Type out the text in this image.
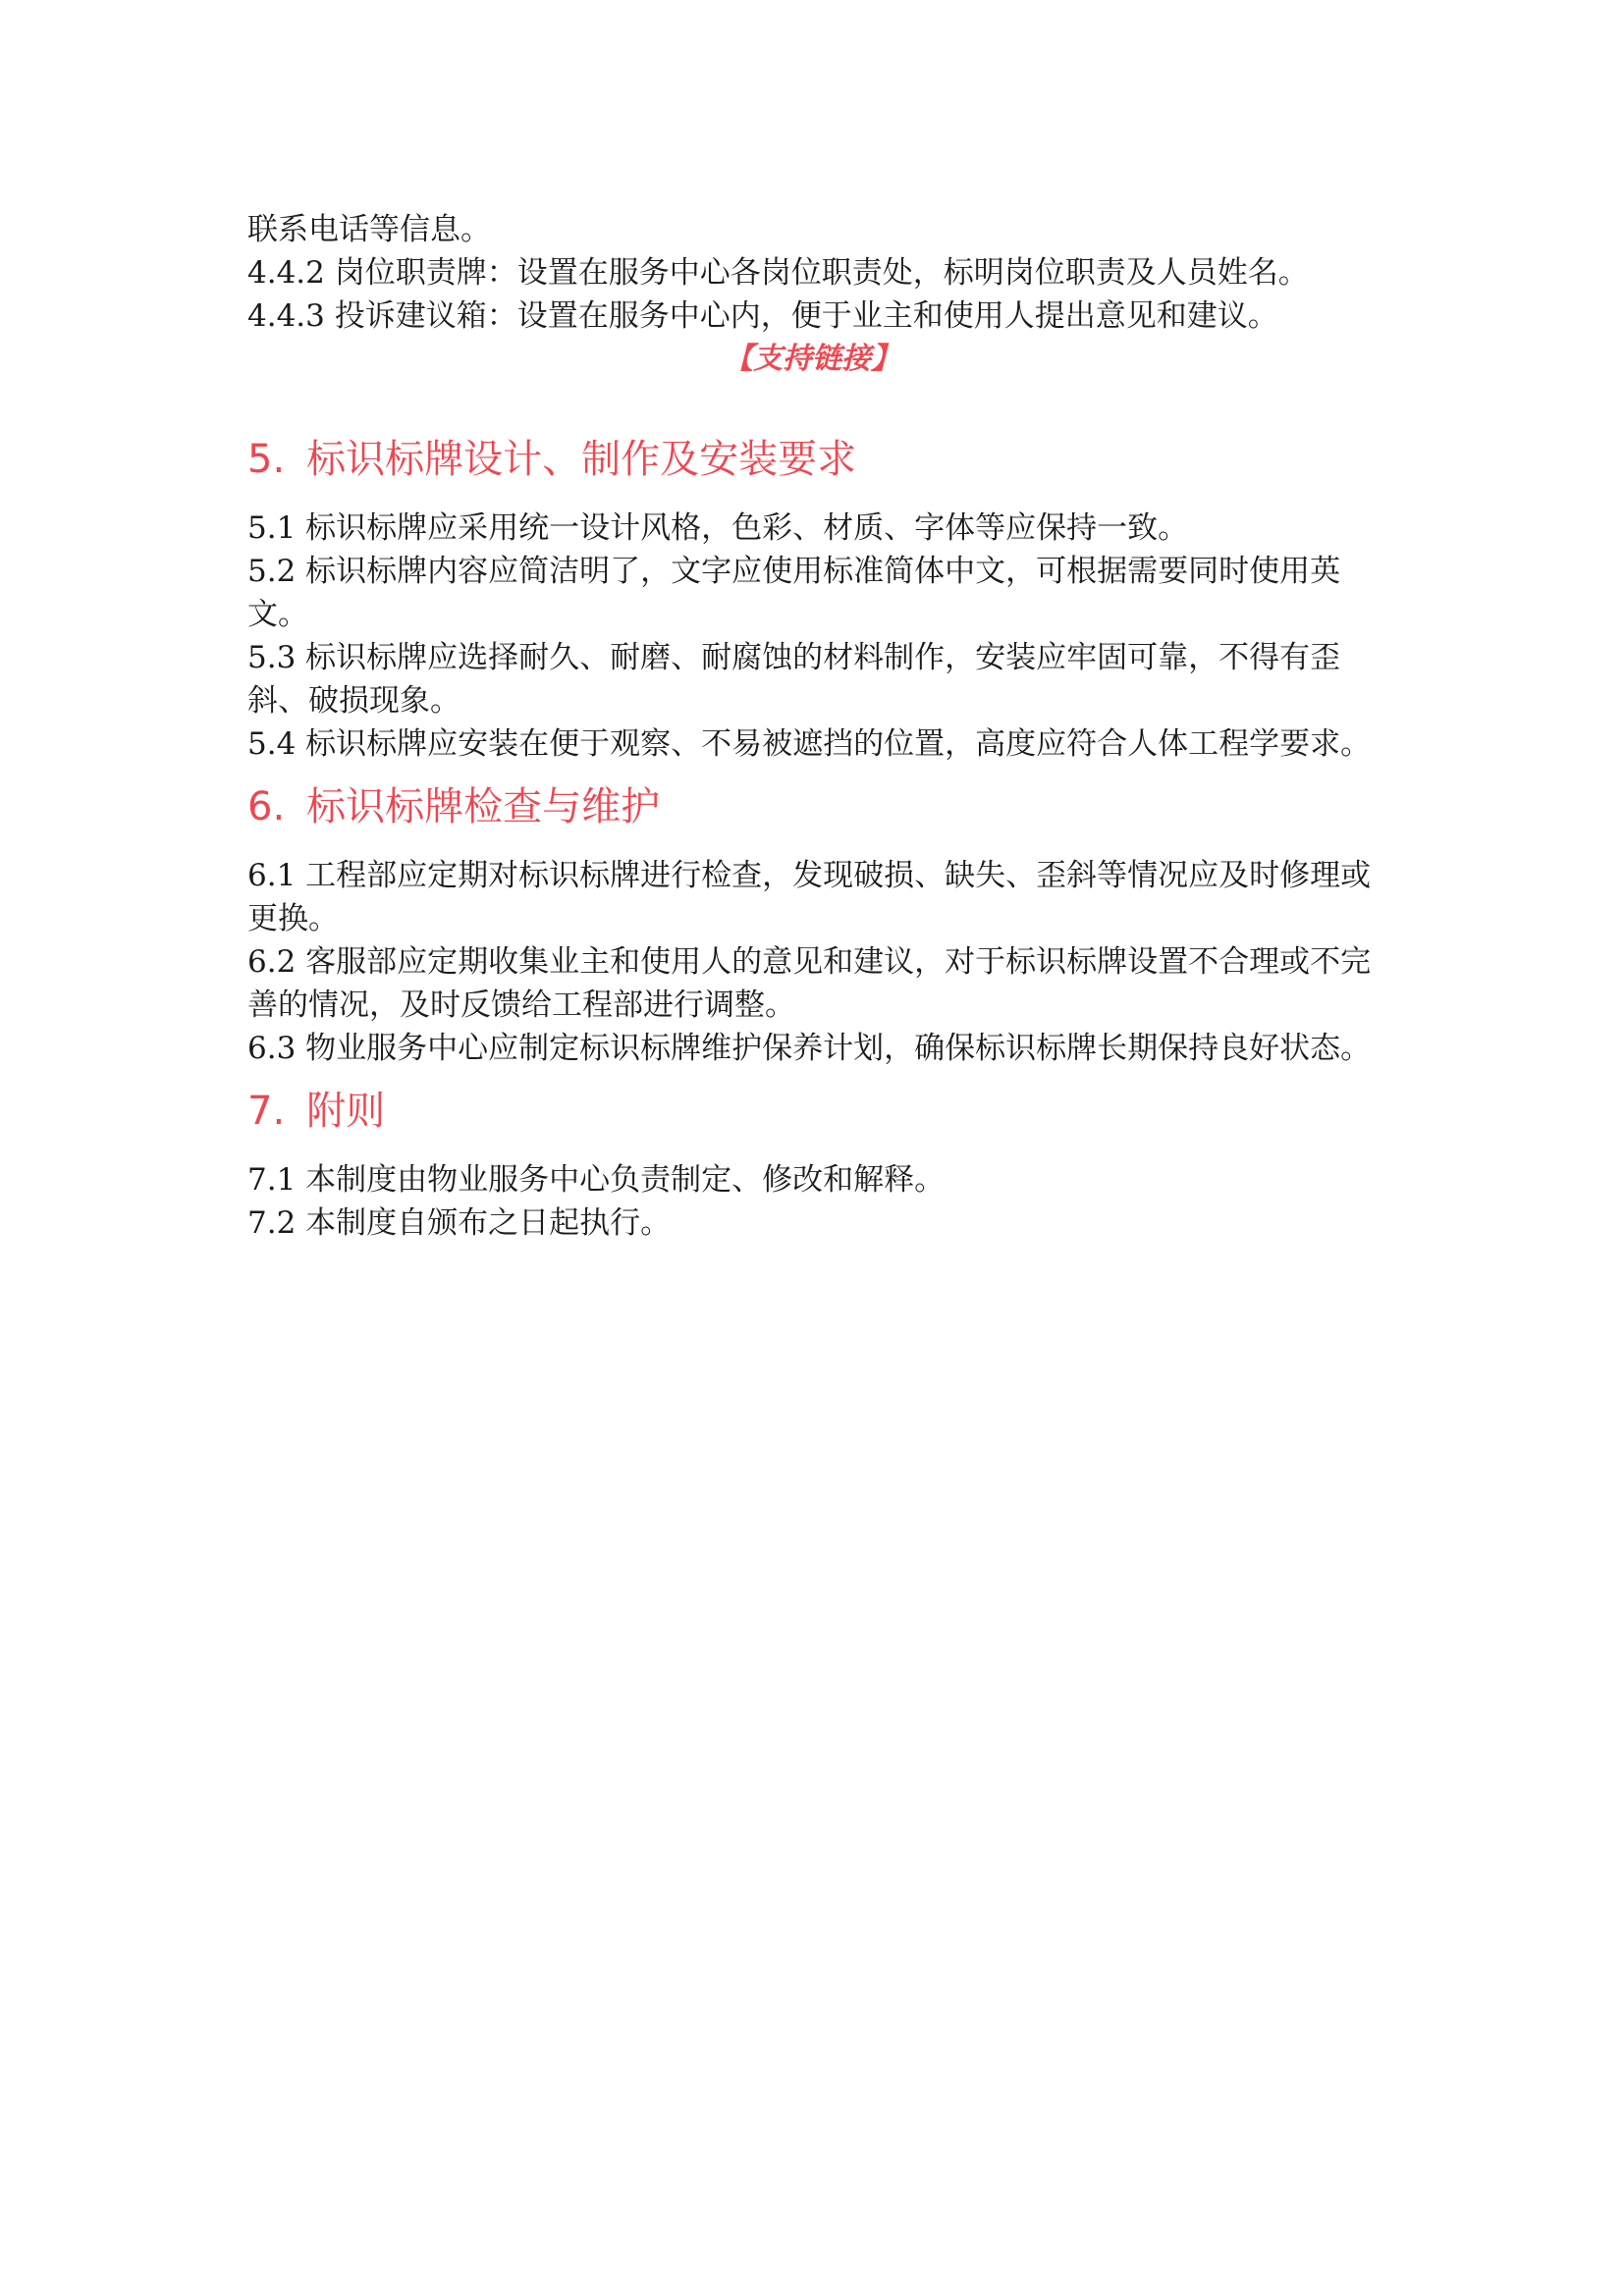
联系电话等信息。

4.4.2 岗位职责牌：设置在服务中心各岗位职责处，标明岗位职责及人员姓名。

4.4.3 投诉建议箱：设置在服务中心内，便于业主和使用人提出意见和建议。

【支持链接】

5. 标识标牌设计、制作及安装要求

5.1 标识标牌应采用统一设计风格，色彩、材质、字体等应保持一致。

5.2 标识标牌内容应简洁明了，文字应使用标准简体中文，可根据需要同时使用英文。

5.3 标识标牌应选择耐久、耐磨、耐腐蚀的材料制作，安装应牢固可靠，不得有歪斜、破损现象。

5.4 标识标牌应安装在便于观察、不易被遮挡的位置，高度应符合人体工程学要求。

6. 标识标牌检查与维护

6.1 工程部应定期对标识标牌进行检查，发现破损、缺失、歪斜等情况应及时修理或更换。

6.2 客服部应定期收集业主和使用人的意见和建议，对于标识标牌设置不合理或不完善的情况，及时反馈给工程部进行调整。

6.3 物业服务中心应制定标识标牌维护保养计划，确保标识标牌长期保持良好状态。

7. 附则

7.1 本制度由物业服务中心负责制定、修改和解释。

7.2 本制度自颁布之日起执行。
